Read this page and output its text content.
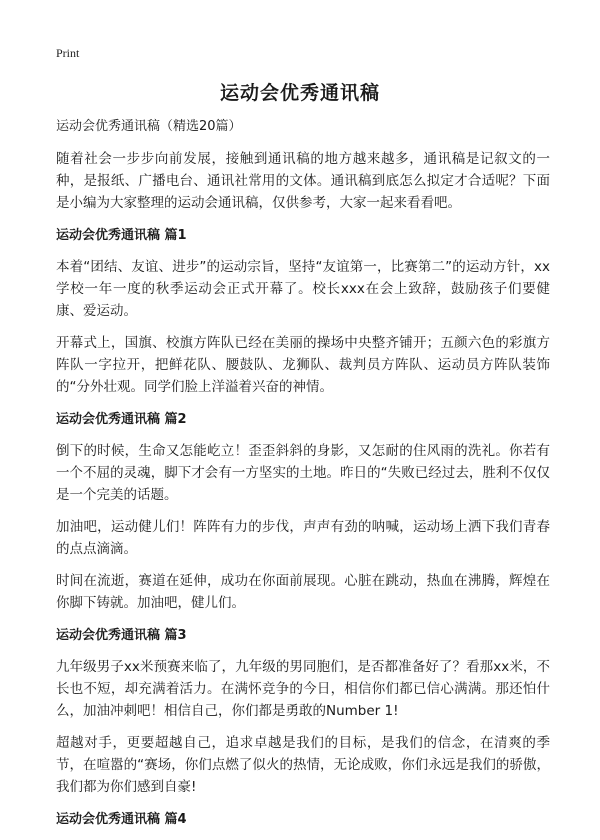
Print
运动会优秀通讯稿

运动会优秀通讯稿（精选20篇）

随着社会一步步向前发展，接触到通讯稿的地方越来越多，通讯稿是记叙文的一种，是报纸、广播电台、通讯社常用的文体。通讯稿到底怎么拟定才合适呢？下面是小编为大家整理的运动会通讯稿，仅供参考，大家一起来看看吧。

运动会优秀通讯稿 篇1

本着“团结、友谊、进步”的运动宗旨，坚持“友谊第一，比赛第二”的运动方针，xx学校一年一度的秋季运动会正式开幕了。校长xxx在会上致辞，鼓励孩子们要健康、爱运动。

开幕式上，国旗、校旗方阵队已经在美丽的操场中央整齐铺开；五颜六色的彩旗方阵队一字拉开，把鲜花队、腰鼓队、龙狮队、裁判员方阵队、运动员方阵队装饰的“分外壮观。同学们脸上洋溢着兴奋的神情。

运动会优秀通讯稿 篇2

倒下的时候，生命又怎能屹立！歪歪斜斜的身影，又怎耐的住风雨的洗礼。你若有一个不屈的灵魂，脚下才会有一方坚实的土地。昨日的“失败已经过去，胜利不仅仅是一个完美的话题。

加油吧，运动健儿们！阵阵有力的步伐，声声有劲的呐喊，运动场上洒下我们青春的点点滴滴。

时间在流逝，赛道在延伸，成功在你面前展现。心脏在跳动，热血在沸腾，辉煌在你脚下铸就。加油吧，健儿们。

运动会优秀通讯稿 篇3

九年级男子xx米预赛来临了，九年级的男同胞们，是否都准备好了？看那xx米，不长也不短，却充满着活力。在满怀竞争的今日，相信你们都已信心满满。那还怕什么，加油冲刺吧！相信自己，你们都是勇敢的Number 1!

超越对手，更要超越自己，追求卓越是我们的目标，是我们的信念，在清爽的季节，在喧嚣的“赛场，你们点燃了似火的热情，无论成败，你们永远是我们的骄傲，我们都为你们感到自豪!

运动会优秀通讯稿 篇4
